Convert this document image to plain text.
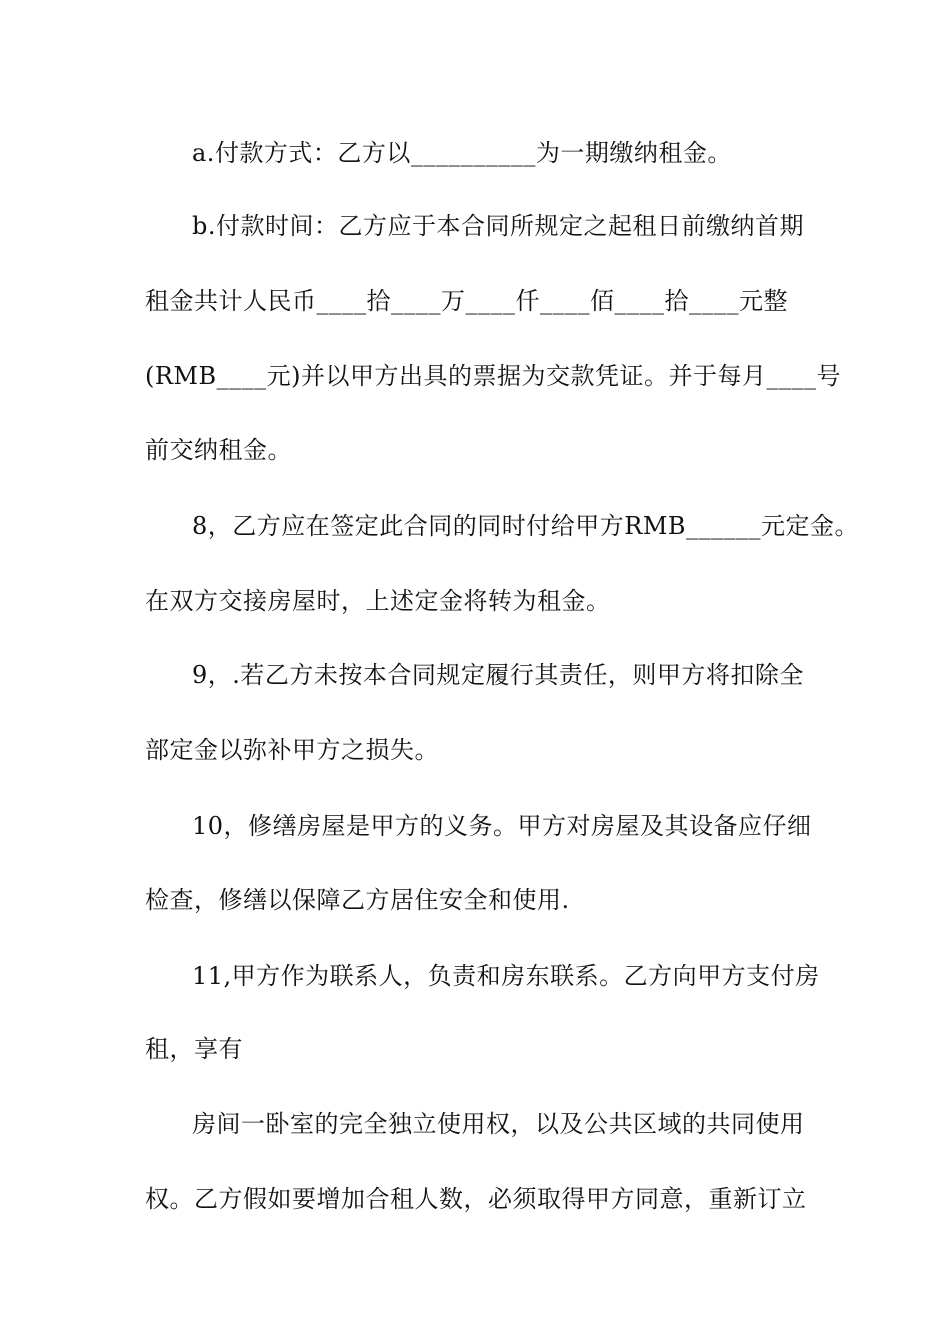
a.付款方式：乙方以__________为一期缴纳租金。
b.付款时间：乙方应于本合同所规定之起租日前缴纳首期
租金共计人民币____拾____万____仟____佰____拾____元整
(RMB____元)并以甲方出具的票据为交款凭证。并于每月____号
前交纳租金。
8，乙方应在签定此合同的同时付给甲方RMB______元定金。
在双方交接房屋时，上述定金将转为租金。
9，.若乙方未按本合同规定履行其责任，则甲方将扣除全
部定金以弥补甲方之损失。
10，修缮房屋是甲方的义务。甲方对房屋及其设备应仔细
检查，修缮以保障乙方居住安全和使用.
11,甲方作为联系人，负责和房东联系。乙方向甲方支付房
租，享有
房间一卧室的完全独立使用权，以及公共区域的共同使用
权。乙方假如要增加合租人数，必须取得甲方同意，重新订立
